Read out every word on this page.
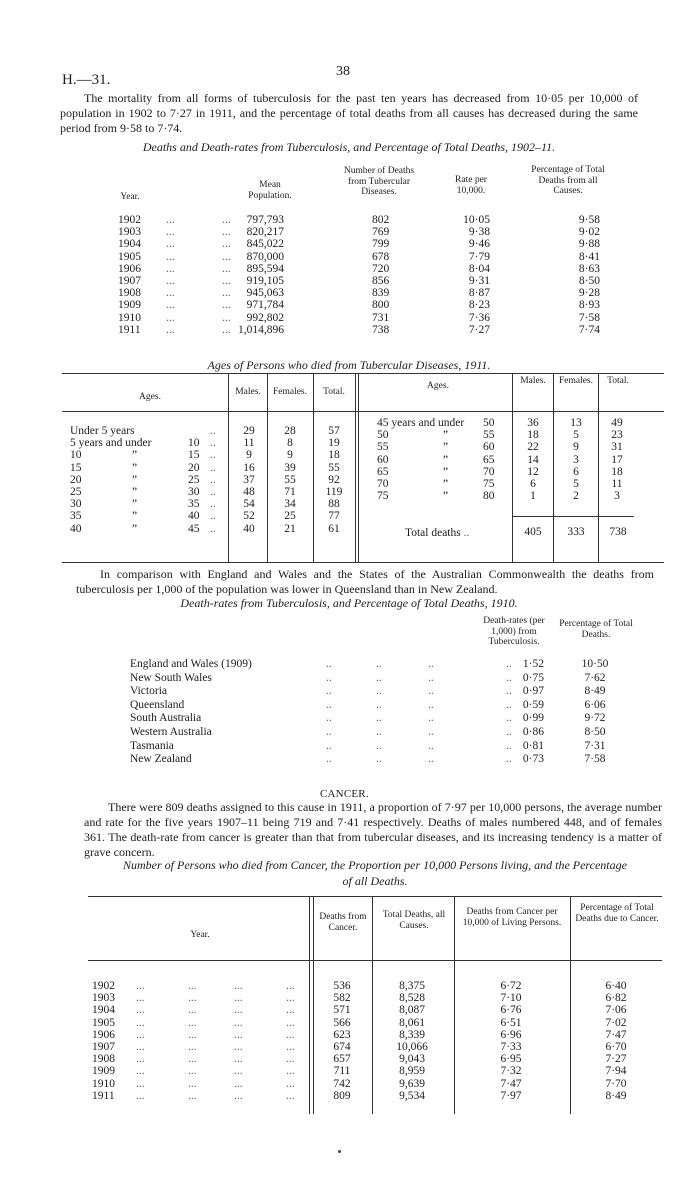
H.—31.
38
The mortality from all forms of tuberculosis for the past ten years has decreased from 10·05 per 10,000 of population in 1902 to 7·27 in 1911, and the percentage of total deaths from all causes has decreased during the same period from 9·58 to 7·74.
Deaths and Death-rates from Tuberculosis, and Percentage of Total Deaths, 1902–11.
Year.
Mean Population.
Number of Deaths from Tubercular Diseases.
Rate per 10,000.
Percentage of Total Deaths from all Causes.
1902 ...	... 797,793	802	10·05	9·58
1903 ...	... 820,217	769	9·38	9·02
1904 ...	... 845,022	799	9·46	9·88
1905 ...	... 870,000	678	7·79	8·41
1906 ...	... 895,594	720	8·04	8·63
1907 ...	... 919,105	856	9·31	8·50
1908 ...	... 945,063	839	8·87	9·28
1909 ...	... 971,784	800	8·23	8·93
1910 ...	... 992,802	731	7·36	7·58
1911 ...	... 1,014,896	738	7·27	7·74
Ages of Persons who died from Tubercular Diseases, 1911.
Ages.	Males.	Females.	Total.
Ages.	Males.	Females.	Total.
Under 5 years	..	29	28	57
5 years and under	10 ..	11	8	19
10	”	15 ..	9	9	18
15	”	20 ..	16	39	55
20	”	25 ..	37	55	92
25	”	30 ..	48	71	119
30	”	35 ..	54	34	88
35	”	40 ..	52	25	77
40	”	45 ..	40	21	61
45 years and under 50	36	13	49
50	”	55	18	5	23
55	”	60	22	9	31
60	”	65	14	3	17
65	”	70	12	6	18
70	”	75	6	5	11
75	”	80	1	2	3
Total deaths ..	405	333	738
In comparison with England and Wales and the States of the Australian Commonwealth the deaths from tuberculosis per 1,000 of the population was lower in Queensland than in New Zealand.
Death-rates from Tuberculosis, and Percentage of Total Deaths, 1910.
Death-rates (per 1,000) from Tuberculosis.
Percentage of Total Deaths.
England and Wales (1909)	..	..	..	.. 1·52	10·50
New South Wales	..	..	..	.. 0·75	7·62
Victoria	..	..	..	.. 0·97	8·49
Queensland	..	..	..	.. 0·59	6·06
South Australia	..	..	..	.. 0·99	9·72
Western Australia	..	..	..	.. 0·86	8·50
Tasmania	..	..	..	.. 0·81	7·31
New Zealand	..	..	..	.. 0·73	7·58
CANCER.
There were 809 deaths assigned to this cause in 1911, a proportion of 7·97 per 10,000 persons, the average number and rate for the five years 1907–11 being 719 and 7·41 respectively. Deaths of males numbered 448, and of females 361. The death-rate from cancer is greater than that from tubercular diseases, and its increasing tendency is a matter of grave concern.
Number of Persons who died from Cancer, the Proportion per 10,000 Persons living, and the Percentage
of all Deaths.
Year.
Deaths from Cancer.
Total Deaths, all Causes.
Deaths from Cancer per 10,000 of Living Persons.
Percentage of Total Deaths due to Cancer.
1902 ...	...	...	...	536	8,375	6·72	6·40
1903 ...	...	...	...	582	8,528	7·10	6·82
1904 ...	...	...	...	571	8,087	6·76	7·06
1905 ...	...	...	...	566	8,061	6·51	7·02
1906 ...	...	...	...	623	8,339	6·96	7·47
1907 ...	...	...	...	674	10,066	7·33	6·70
1908 ...	...	...	...	657	9,043	6·95	7·27
1909 ...	...	...	...	711	8,959	7·32	7·94
1910 ...	...	...	...	742	9,639	7·47	7·70
1911 ...	...	...	...	809	9,534	7·97	8·49
